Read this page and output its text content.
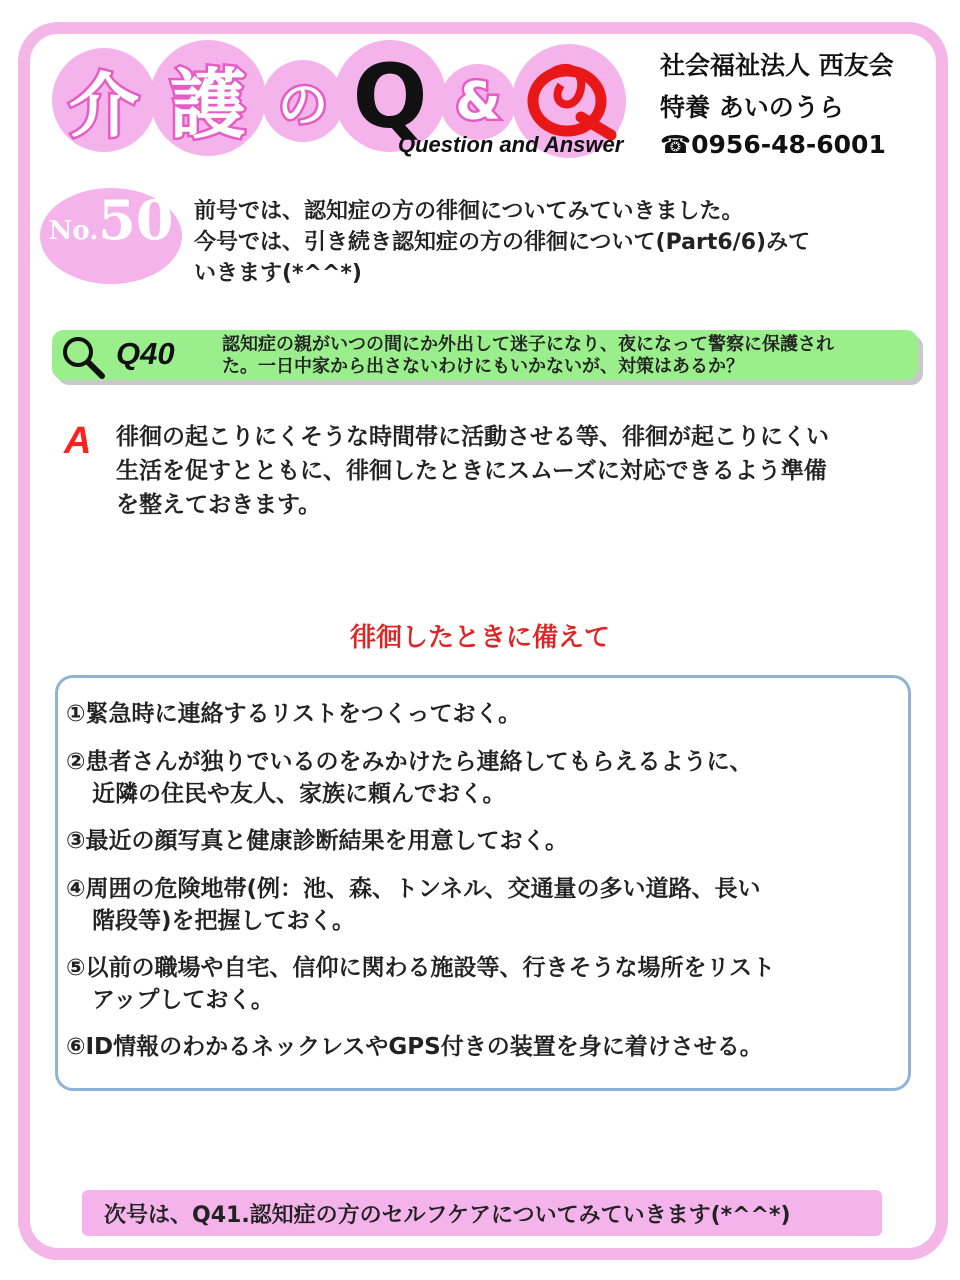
介 護 の Q &
Question and Answer
社会福祉法人 西友会
特養 あいのうら
☎0956-48-6001
No. 50 前号では、認知症の方の徘徊についてみていきました。
今号では、引き続き認知症の方の徘徊について(Part6/6)みて
いきます(*^^*)
Q40	認知症の親がいつの間にか外出して迷子になり、夜になって警察に保護され
た。一日中家から出さないわけにもいかないが、対策はあるか？
A 徘徊の起こりにくそうな時間帯に活動させる等、徘徊が起こりにくい
生活を促すとともに、徘徊したときにスムーズに対応できるよう準備
を整えておきます。
徘徊したときに備えて
①緊急時に連絡するリストをつくっておく。
②患者さんが独りでいるのをみかけたら連絡してもらえるように、
近隣の住民や友人、家族に頼んでおく。
③最近の顔写真と健康診断結果を用意しておく。
④周囲の危険地帯(例：池、森、トンネル、交通量の多い道路、長い
階段等)を把握しておく。
⑤以前の職場や自宅、信仰に関わる施設等、行きそうな場所をリスト
アップしておく。
⑥ID情報のわかるネックレスやGPS付きの装置を身に着けさせる。
次号は、Q41.認知症の方のセルフケアについてみていきます(*^^*)
